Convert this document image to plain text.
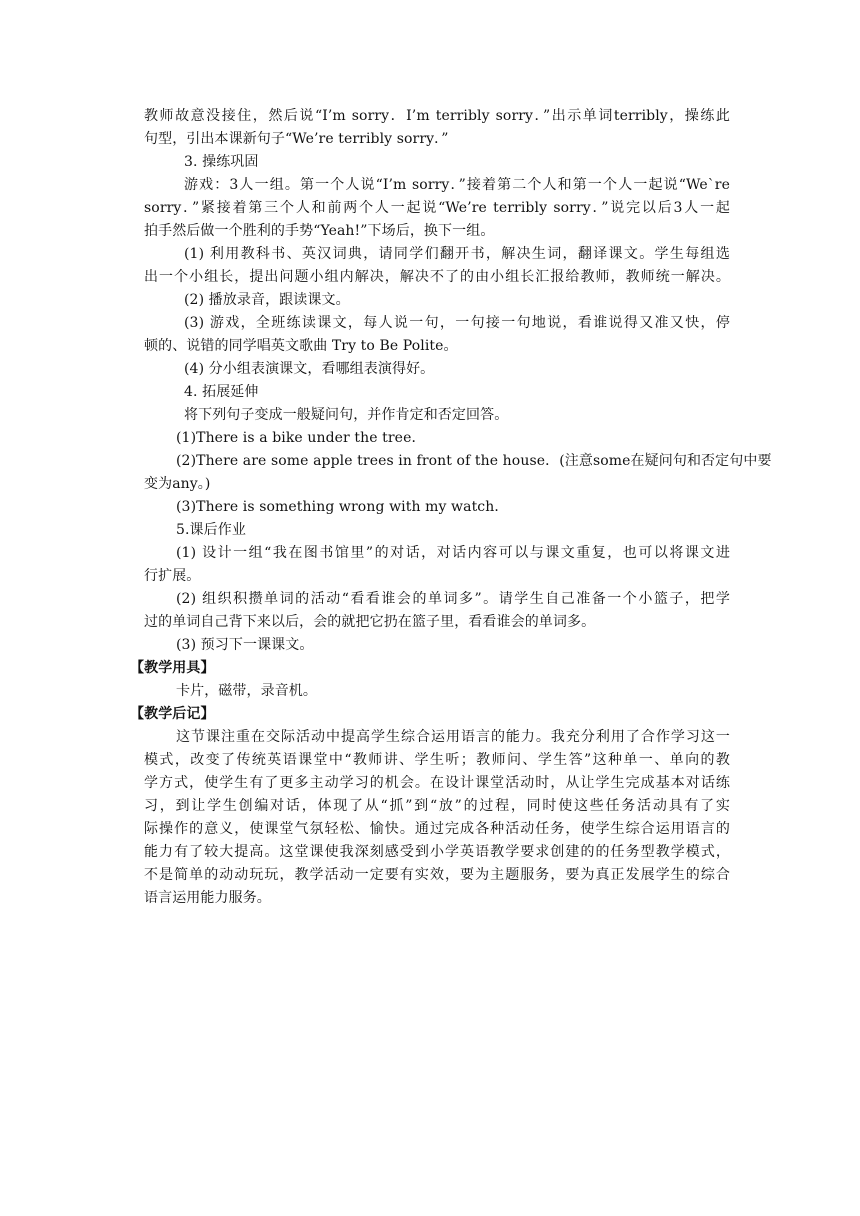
教师故意没接住，然后说“I’m sorry．I’m terribly sorry．”出示单词terribly，操练此
句型，引出本课新句子“We’re terribly sorry．”
3. 操练巩固
游戏：3人一组。第一个人说“I’m sorry．”接着第二个人和第一个人一起说“We`re
sorry．”紧接着第三个人和前两个人一起说“We’re terribly sorry．”说完以后3人一起
拍手然后做一个胜利的手势“Yeah!”下场后，换下一组。
(1) 利用教科书、英汉词典，请同学们翻开书，解决生词，翻译课文。学生每组选
出一个小组长，提出问题小组内解决，解决不了的由小组长汇报给教师，教师统一解决。
(2) 播放录音，跟读课文。
(3) 游戏，全班练读课文，每人说一句，一句接一句地说，看谁说得又准又快，停
顿的、说错的同学唱英文歌曲 Try to Be Polite。
(4) 分小组表演课文，看哪组表演得好。
4. 拓展延伸
将下列句子变成一般疑问句，并作肯定和否定回答。
(1)There is a bike under the tree．
(2)There are some apple trees in front of the house．(注意some在疑问句和否定句中要
变为any。)
(3)There is something wrong with my watch．
5.课后作业
(1) 设计一组“我在图书馆里”的对话，对话内容可以与课文重复，也可以将课文进
行扩展。
(2) 组织积攒单词的活动“看看谁会的单词多”。请学生自己准备一个小篮子，把学
过的单词自己背下来以后，会的就把它扔在篮子里，看看谁会的单词多。
(3) 预习下一课课文。
【教学用具】
卡片，磁带，录音机。
【教学后记】
这节课注重在交际活动中提高学生综合运用语言的能力。我充分利用了合作学习这一
模式，改变了传统英语课堂中“教师讲、学生听；教师问、学生答”这种单一、单向的教
学方式，使学生有了更多主动学习的机会。在设计课堂活动时，从让学生完成基本对话练
习，到让学生创编对话，体现了从“抓”到“放”的过程，同时使这些任务活动具有了实
际操作的意义，使课堂气氛轻松、愉快。通过完成各种活动任务，使学生综合运用语言的
能力有了较大提高。这堂课使我深刻感受到小学英语教学要求创建的的任务型教学模式，
不是简单的动动玩玩，教学活动一定要有实效，要为主题服务，要为真正发展学生的综合
语言运用能力服务。
